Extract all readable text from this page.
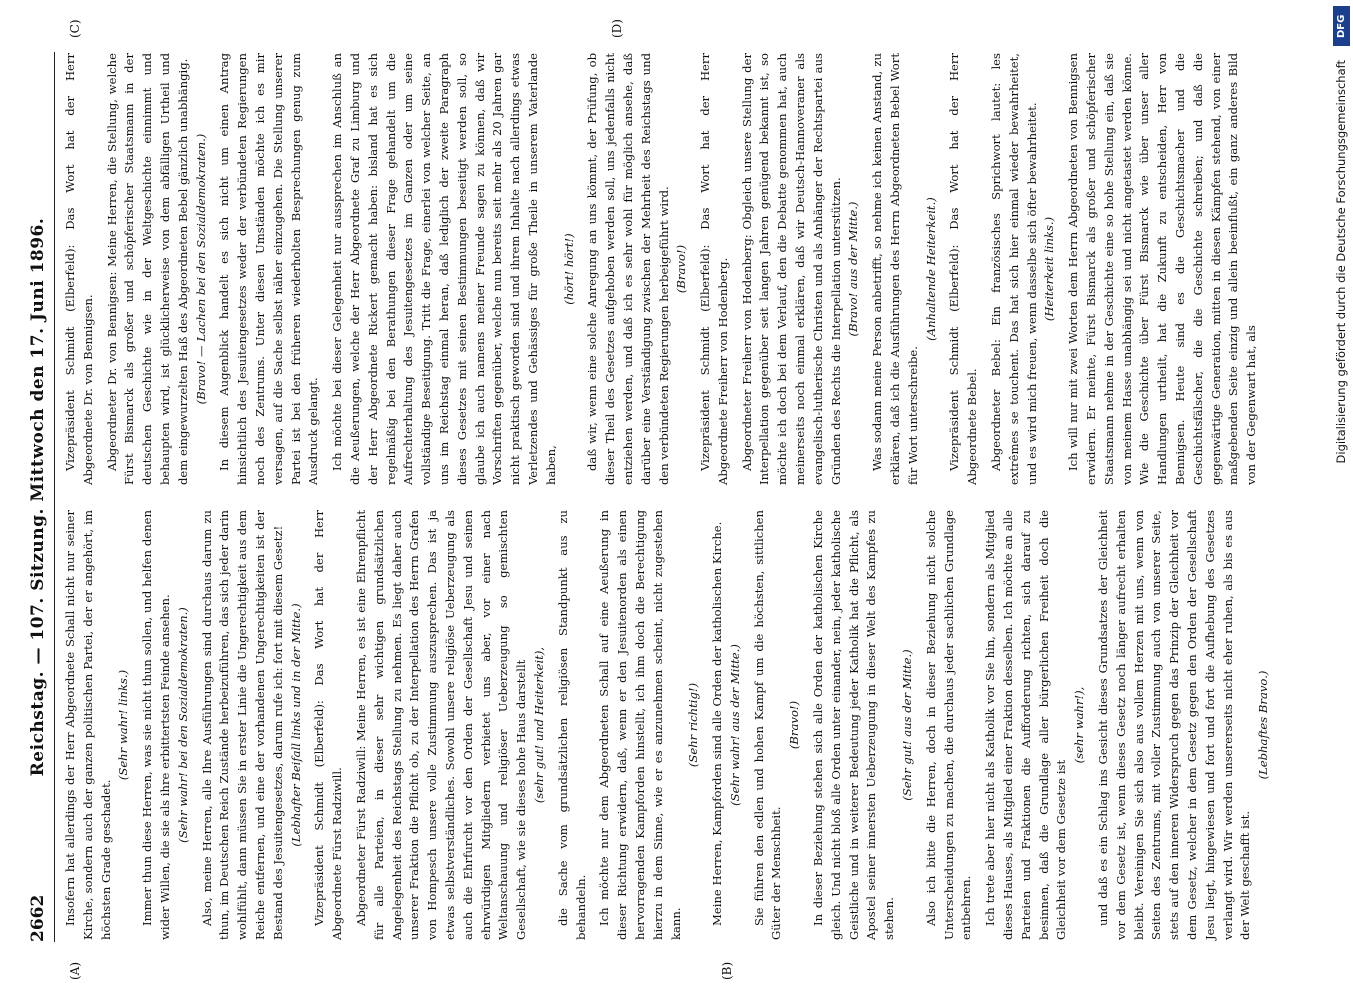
2662
Reichstag. — 107. Sitzung. Mittwoch den 17. Juni 1896.
(A)	(B)
(C)	(D)

Insofern hat allerdings der Herr Abgeordnete Schall nicht nur seiner Kirche, sondern auch der ganzen politischen Partei, der er angehört, im höchsten Grade geschadet.

(Sehr wahr! links.) Immer thun diese Herren, was sie nicht thun sollen, und helfen denen wider Willen, die sie als ihre erbittertsten Feinde ansehen. (Sehr wahr! bei den Sozialdemokraten.) Also, meine Herren, alle Ihre Ausführungen sind durchaus darum zu thun, im Deutschen Reich Zustände herbeizuführen, das sich jeder darin wohlfühlt, dann müssen Sie in erster Linie die Ungerechtigkeit aus dem Reiche entfernen, und eine der vorhandenen Ungerechtigkeiten ist der Bestand des Jesuitengesetzes, darum rufe ich: fort mit diesem Gesetz! (Lebhafter Beifall links und in der Mitte.) Vizepräsident Schmidt (Elberfeld): Das Wort hat der Herr Abgeordnete Fürst Radziwill. Abgeordneter Fürst Radziwill: Meine Herren, es ist eine Ehrenpflicht für alle Parteien, in dieser sehr wichtigen grundsätzlichen Angelegenheit des Reichstags Stellung zu nehmen. Es liegt daher auch unserer Fraktion die Pflicht ob, zu der Interpellation des Herrn Grafen von Hompesch unsere volle Zustimmung auszusprechen. Das ist ja etwas selbstverständliches. Sowohl unsere religiöse Ueberzeugung als auch die Ehrfurcht vor den Orden der Gesellschaft Jesu und seinen ehrwürdigen Mitgliedern verbietet uns aber, vor einer nach Weltanschauung und religiöser Ueberzeugung so gemischten Gesellschaft, wie sie dieses hohe Haus darstellt (sehr gut! und Heiterkeit), die Sache vom grundsätzlichen religiösen Standpunkt aus zu behandeln. Ich möchte nur dem Abgeordneten Schall auf eine Aeußerung in dieser Richtung erwidern, daß, wenn er den Jesuitenorden als einen hervorragenden Kampforden hinstellt, ich ihm doch die Berechtigung hierzu in dem Sinne, wie er es anzunehmen scheint, nicht zugestehen kann.

(Sehr richtig!) Meine Herren, Kampforden sind alle Orden der katholischen Kirche. (Sehr wahr! aus der Mitte.) Sie führen den edlen und hohen Kampf um die höchsten, sittlichen Güter der Menschheit.

(Bravo!) In dieser Beziehung stehen sich alle Orden der katholischen Kirche gleich. Und nicht bloß alle Orden unter einander, nein, jeder katholische Geistliche und in weiterer Bedeutung jeder Katholik hat die Pflicht, als Apostel seiner innersten Ueberzeugung in dieser Welt des Kampfes zu stehen.

(Sehr gut! aus der Mitte.) Also ich bitte die Herren, doch in dieser Beziehung nicht solche Unterscheidungen zu machen, die durchaus jeder sachlichen Grundlage entbehren. Ich trete aber hier nicht als Katholik vor Sie hin, sondern als Mitglied dieses Hauses, als Mitglied einer Fraktion desselben. Ich möchte an alle Parteien und Fraktionen die Aufforderung richten, sich darauf zu besinnen, daß die Grundlage aller bürgerlichen Freiheit doch die Gleichheit vor dem Gesetze ist

(sehr wahr!), und daß es ein Schlag ins Gesicht dieses Grundsatzes der Gleichheit vor dem Gesetz ist, wenn dieses Gesetz noch länger aufrecht erhalten bleibt. Vereinigen Sie sich also aus vollem Herzen mit uns, wenn von Seiten des Zentrums, mit voller Zustimmung auch von unserer Seite, stets auf den inneren Widerspruch gegen das Prinzip der Gleichheit vor dem Gesetz, welcher in dem Gesetz gegen den Orden der Gesellschaft Jesu liegt, hingewiesen und fort und fort die Aufhebung des Gesetzes verlangt wird. Wir werden unsererseits nicht eher ruhen, als bis es aus der Welt geschafft ist.

(Lebhaftes Bravo.)

Vizepräsident Schmidt (Elberfeld): Das Wort hat der Herr Abgeordnete Dr. von Bennigsen. Abgeordneter Dr. von Bennigsen: Meine Herren, die Stellung, welche Fürst Bismarck als großer und schöpferischer Staatsmann in der deutschen Geschichte wie in der Weltgeschichte einnimmt und behaupten wird, ist glücklicherweise von dem abfälligen Urtheil und dem eingewurzelten Haß des Abgeordneten Bebel gänzlich unabhängig. (Bravo! — Lachen bei den Sozialdemokraten.) In diesem Augenblick handelt es sich nicht um einen Antrag hinsichtlich des Jesuitengesetzes weder der verbündeten Regierungen noch des Zentrums. Unter diesen Umständen möchte ich es mir versagen, auf die Sache selbst näher einzugehen. Die Stellung unserer Partei ist bei den früheren wiederholten Besprechungen genug zum Ausdruck gelangt. Ich möchte bei dieser Gelegenheit nur aussprechen im Anschluß an die Aeußerungen, welche der Herr Abgeordnete Graf zu Limburg und der Herr Abgeordnete Rickert gemacht haben: bisland hat es sich regelmäßig bei den Berathungen dieser Frage gehandelt um die Aufrechterhaltung des Jesuitengesetzes im Ganzen oder um seine vollständige Beseitigung. Tritt die Frage, einerlei von welcher Seite, an uns im Reichstag einmal heran, daß lediglich der zweite Paragraph dieses Gesetzes mit seinen Bestimmungen beseitigt werden soll, so glaube ich auch namens meiner Freunde sagen zu können, daß wir Vorschriften gegenüber, welche nun bereits seit mehr als 20 Jahren gar nicht praktisch geworden sind und ihrem Inhalte nach allerdings etwas Verletzendes und Gehässiges für große Theile in unserem Vaterlande haben,

(hört! hört!) daß wir, wenn eine solche Anregung an uns kömmt, der Prüfung, ob dieser Theil des Gesetzes aufgehoben werden soll, uns jedenfalls nicht entziehen werden, und daß ich es sehr wohl für möglich ansehe, daß darüber eine Verständigung zwischen der Mehrheit des Reichstags und den verbündeten Regierungen herbeigeführt wird. (Bravo!) Vizepräsident Schmidt (Elberfeld): Das Wort hat der Herr Abgeordnete Freiherr von Hodenberg. Abgeordneter Freiherr von Hodenberg: Obgleich unsere Stellung der Interpellation gegenüber seit langen Jahren genügend bekannt ist, so möchte ich doch bei dem Verlauf, den die Debatte genommen hat, auch meinerseits noch einmal erklären, daß wir Deutsch-Hannoveraner als evangelisch-lutherische Christen und als Anhänger der Rechtspartei aus Gründen des Rechts die Interpellation unterstützen. (Bravo! aus der Mitte.) Was sodann meine Person anbetrifft, so nehme ich keinen Anstand, zu erklären, daß ich die Ausführungen des Herrn Abgeordneten Bebel Wort für Wort unterschreibe.

(Anhaltende Heiterkeit.) Vizepräsident Schmidt (Elberfeld): Das Wort hat der Herr Abgeordnete Bebel. Abgeordneter Bebel: Ein französisches Sprichwort lautet: les extrêmes se touchent. Das hat sich hier einmal wieder bewahrheitet, und es wird mich freuen, wenn dasselbe sich öfter bewahrheitet. (Heiterkeit links.) Ich will nur mit zwei Worten dem Herrn Abgeordneten von Bennigsen erwidern. Er meinte, Fürst Bismarck als großer und schöpferischer Staatsmann nehme in der Geschichte eine so hohe Stellung ein, daß sie von meinem Hasse unabhängig sei und nicht angetastet werden könne. Wie die Geschichte über Fürst Bismarck wie über unser aller Handlungen urtheilt, hat die Zukunft zu entscheiden, Herr von Bennigsen. Heute sind es die Geschichtsmacher und die Geschichtsfälscher, die die Geschichte schreiben; und daß die gegenwärtige Generation, mitten in diesen Kämpfen stehend, von einer maßgebenden Seite einzig und allein beeinflußt, ein ganz anderes Bild von der Gegenwart hat, als

DFG
Digitalisierung gefördert durch die Deutsche Forschungsgemeinschaft
